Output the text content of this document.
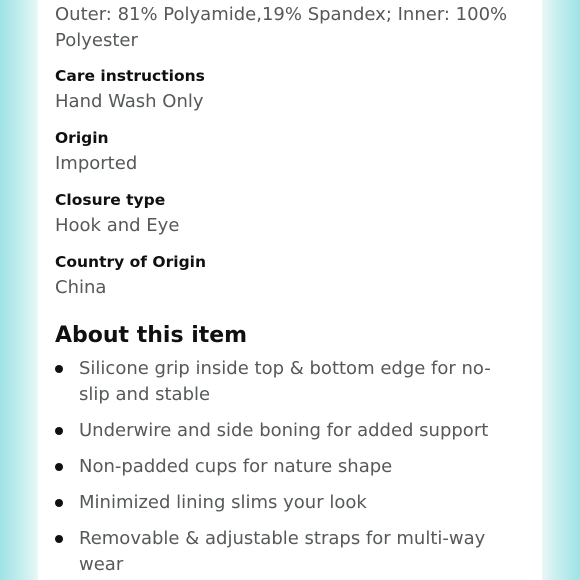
Outer: 81% Polyamide,19% Spandex; Inner: 100% Polyester

Care instructions

Hand Wash Only

Origin

Imported

Closure type

Hook and Eye

Country of Origin

China

About this item

Silicone grip inside top & bottom edge for no-slip and stable

Underwire and side boning for added support

Non-padded cups for nature shape

Minimized lining slims your look

Removable & adjustable straps for multi-way wear
